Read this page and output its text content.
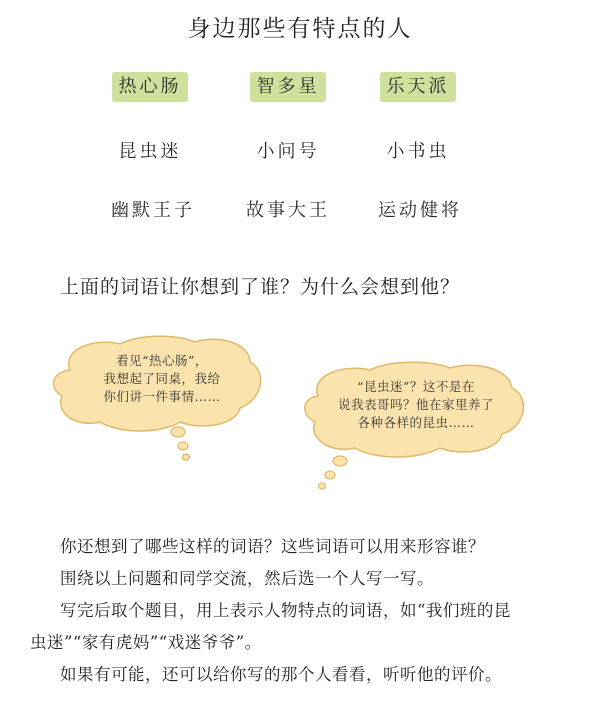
身边那些有特点的人
热心肠	智多星	乐天派
昆虫迷	小问号	小书虫
幽默王子	故事大王	运动健将
上面的词语让你想到了谁？为什么会想到他？
看见“热心肠”，
我想起了同桌，我给
你们讲一件事情……
“昆虫迷”？这不是在
说我表哥吗？他在家里养了
各种各样的昆虫……
你还想到了哪些这样的词语？这些词语可以用来形容谁？
围绕以上问题和同学交流，然后选一个人写一写。
写完后取个题目，用上表示人物特点的词语，如“我们班的昆
虫迷”“家有虎妈”“戏迷爷爷”。
如果有可能，还可以给你写的那个人看看，听听他的评价。
